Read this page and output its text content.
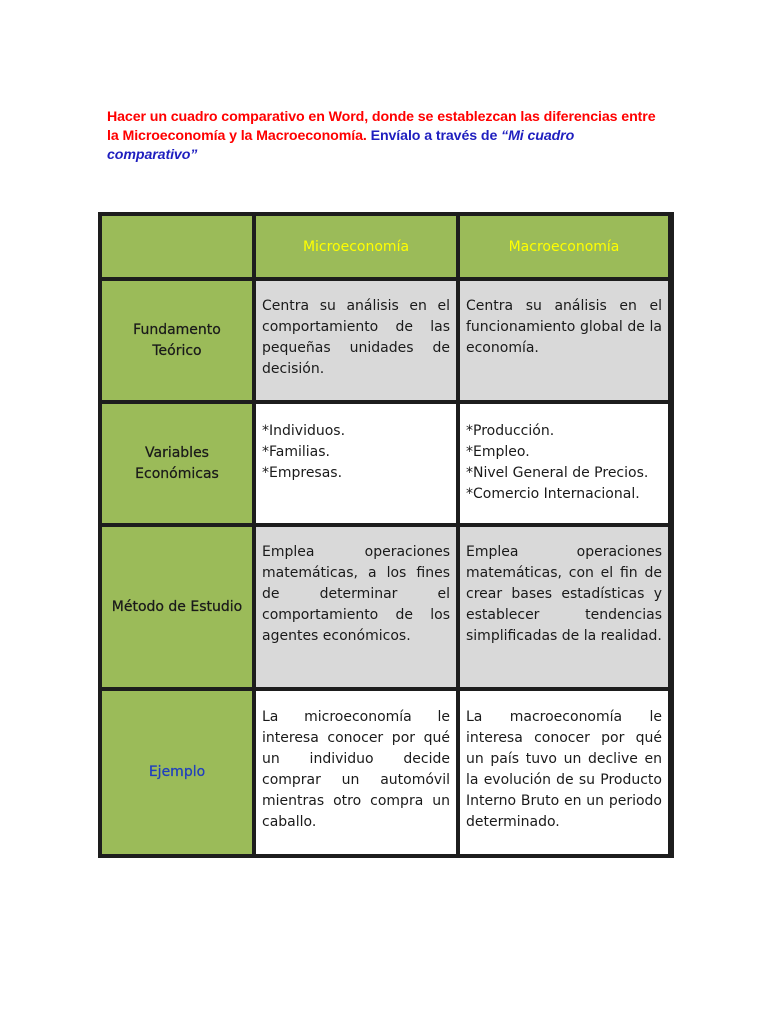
Hacer un cuadro comparativo en Word, donde se establezcan las diferencias entre la Microeconomía y la Macroeconomía. Envíalo a través de “Mi cuadro comparativo”
Microeconomía	Macroeconomía
Fundamento Teórico
Centra su análisis en el comportamiento de las pequeñas unidades de decisión.
Centra su análisis en el funcionamiento global de la economía.
Variables Económicas
*Individuos.
*Familias.
*Empresas.
*Producción.
*Empleo.
*Nivel General de Precios.
*Comercio Internacional.
Método de Estudio
Emplea operaciones matemáticas, a los fines de determinar el comportamiento de los agentes económicos.
Emplea operaciones matemáticas, con el fin de crear bases estadísticas y establecer tendencias simplificadas de la realidad.
Ejemplo
La microeconomía le interesa conocer por qué un individuo decide comprar un automóvil mientras otro compra un caballo.
La macroeconomía le interesa conocer por qué un país tuvo un declive en la evolución de su Producto Interno Bruto en un periodo determinado.
